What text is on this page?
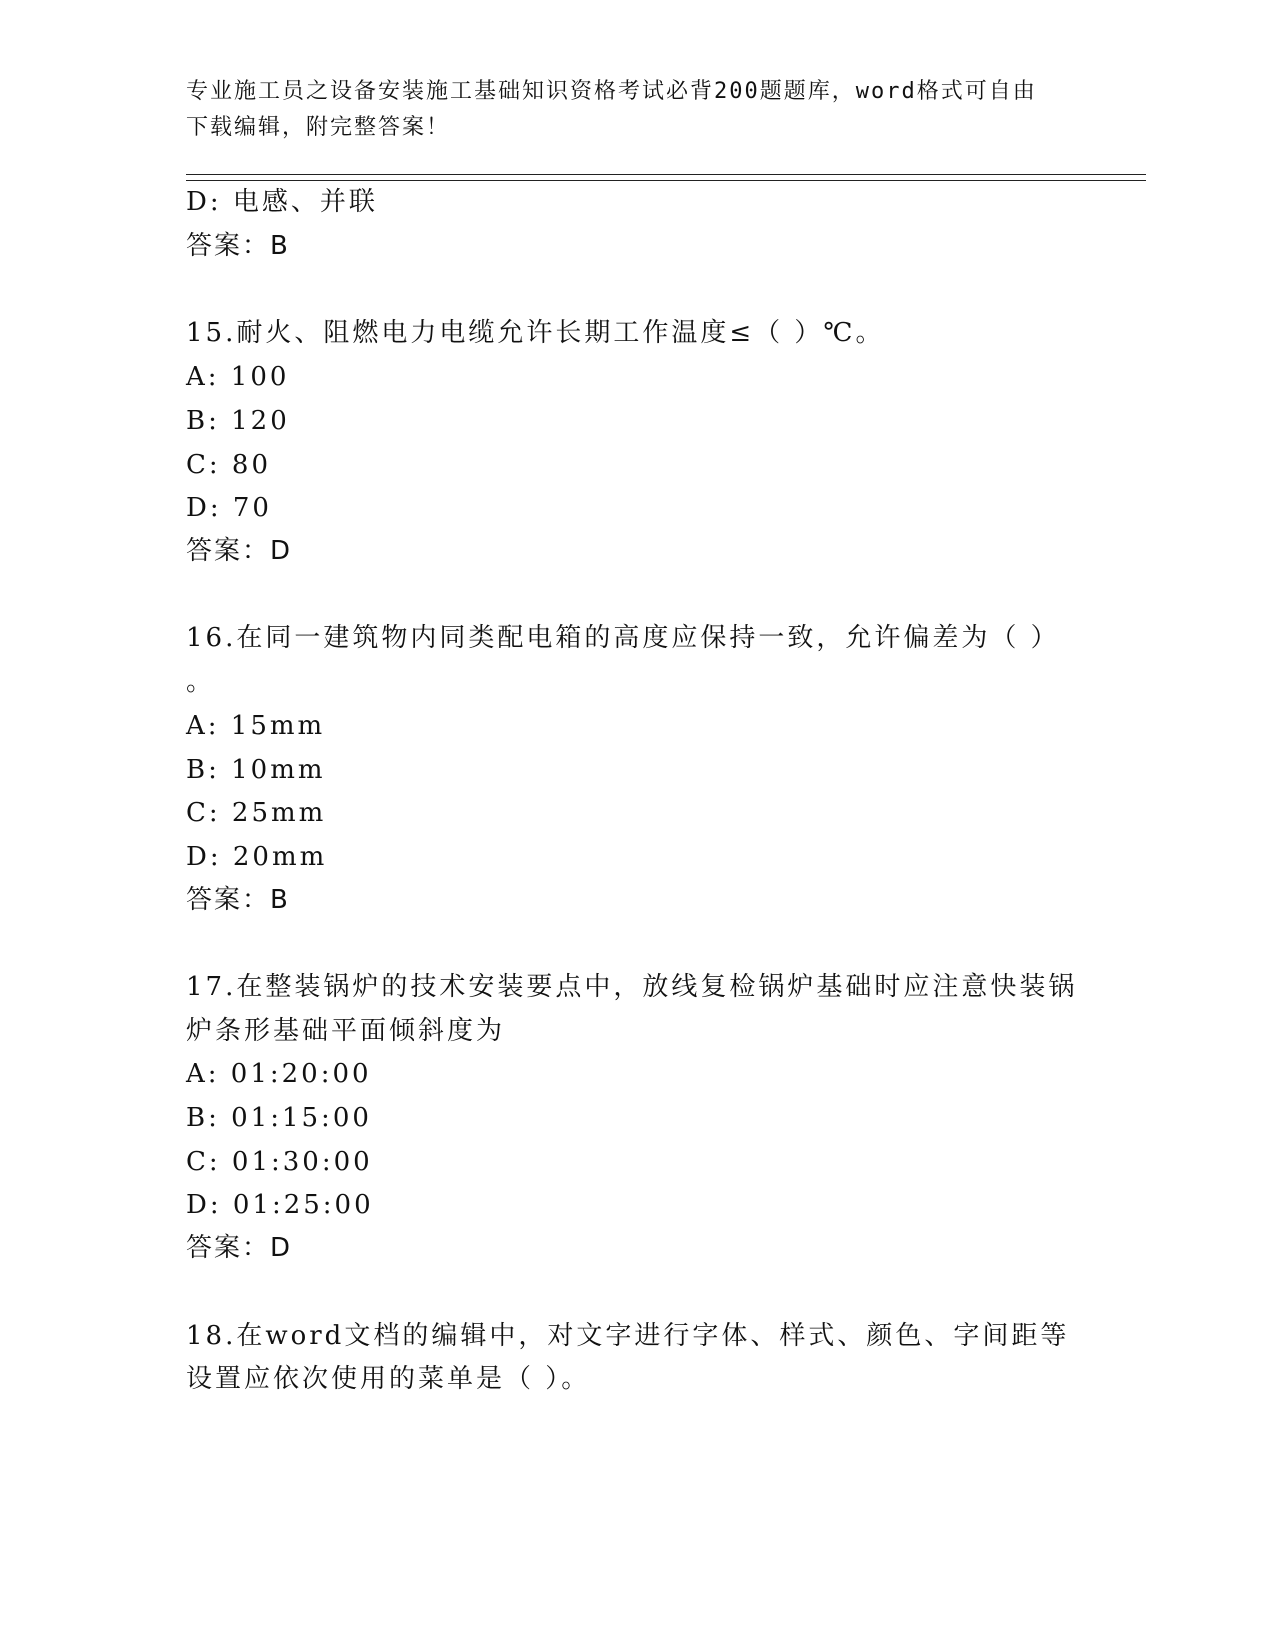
专业施工员之设备安装施工基础知识资格考试必背200题题库，word格式可自由
下载编辑，附完整答案！
D: 电感、并联
答案：B
15.耐火、阻燃电力电缆允许长期工作温度≤（ ）℃。
A: 100
B: 120
C: 80
D: 70
答案：D
16.在同一建筑物内同类配电箱的高度应保持一致，允许偏差为（ ）
。
A: 15mm
B: 10mm
C: 25mm
D: 20mm
答案：B
17.在整装锅炉的技术安装要点中，放线复检锅炉基础时应注意快装锅
炉条形基础平面倾斜度为
A: 01:20:00
B: 01:15:00
C: 01:30:00
D: 01:25:00
答案：D
18.在word文档的编辑中，对文字进行字体、样式、颜色、字间距等
设置应依次使用的菜单是（ ）。
